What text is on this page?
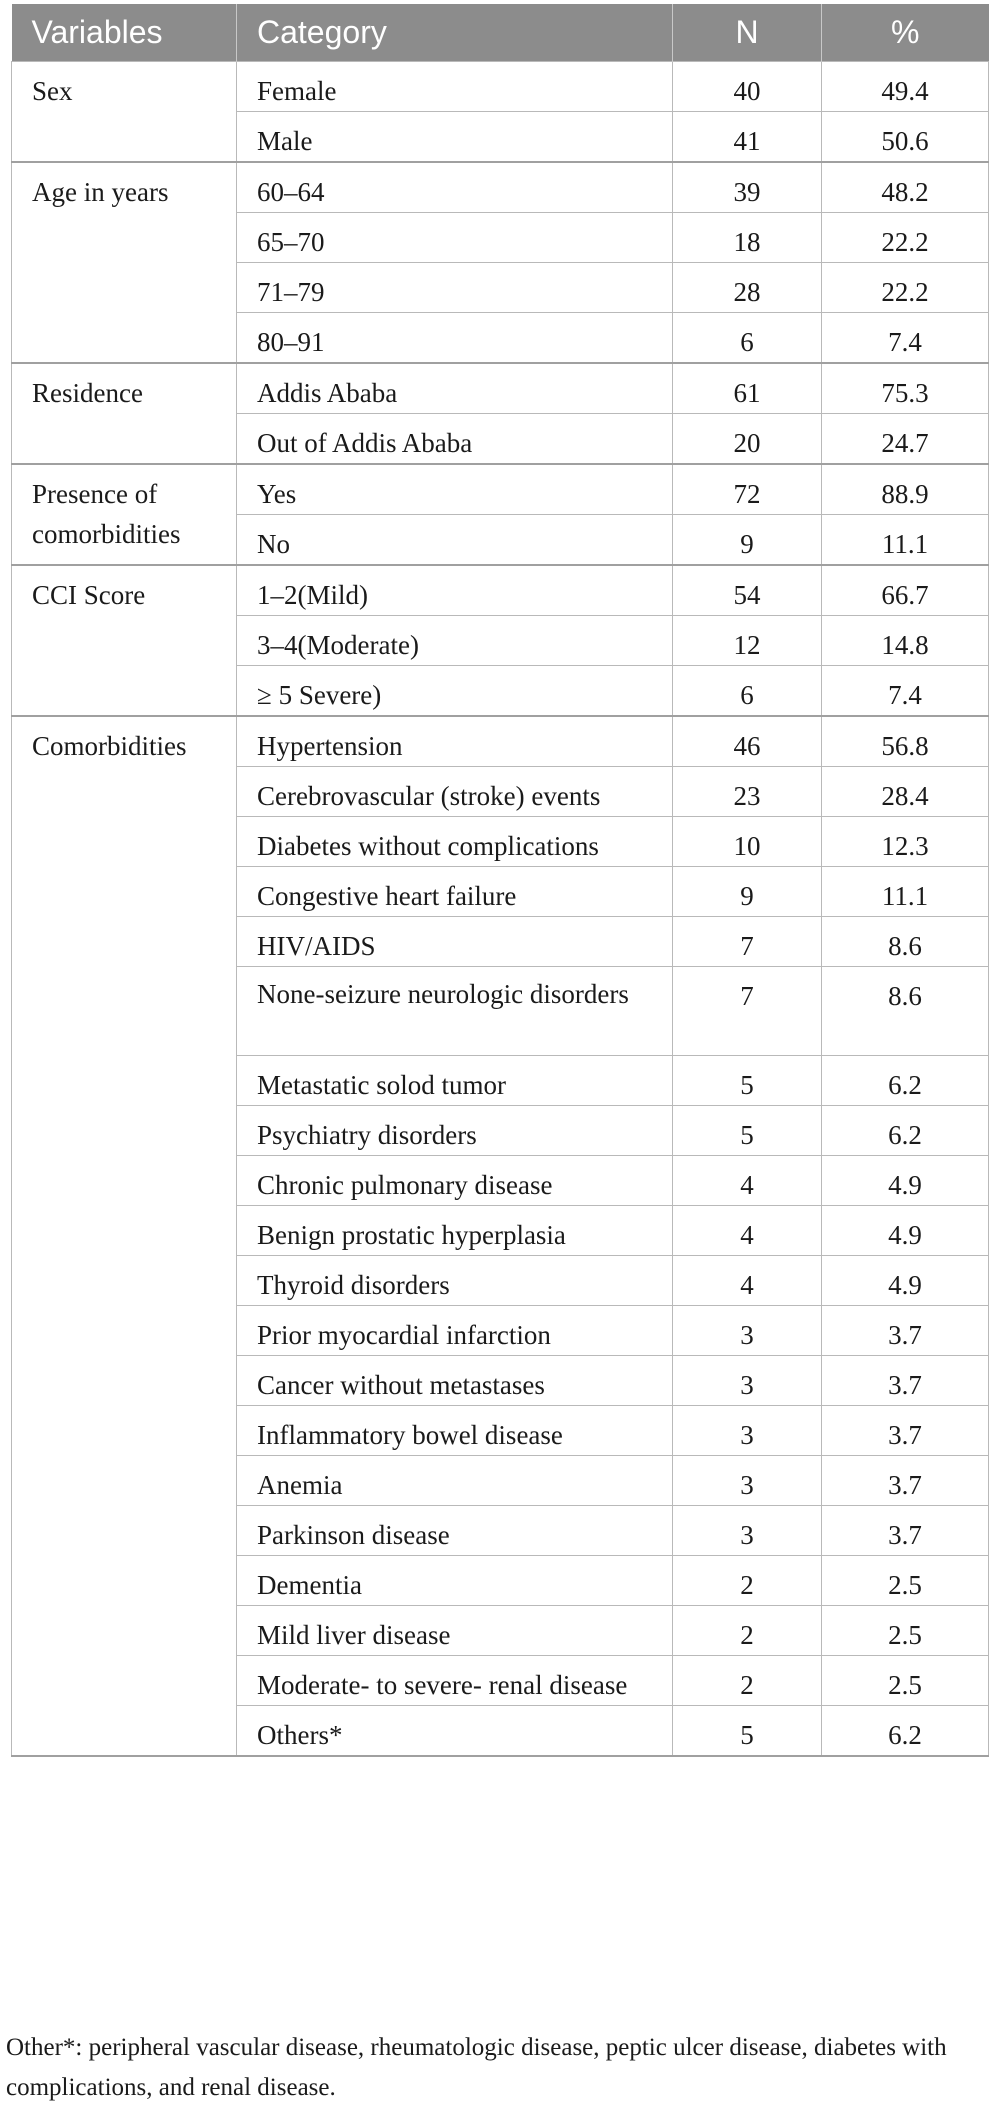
Variables	Category	N	%
Sex	Female	40	49.4
	Male	41	50.6
Age in years	60–64	39	48.2
	65–70	18	22.2
	71–79	28	22.2
	80–91	6	7.4
Residence	Addis Ababa	61	75.3
	Out of Addis Ababa	20	24.7
Presence of comorbidities	Yes	72	88.9
	No	9	11.1
CCI Score	1–2(Mild)	54	66.7
	3–4(Moderate)	12	14.8
	≥ 5 Severe)	6	7.4
Comorbidities	Hypertension	46	56.8
	Cerebrovascular (stroke) events	23	28.4
	Diabetes without complications	10	12.3
	Congestive heart failure	9	11.1
	HIV/AIDS	7	8.6
	None-seizure neurologic disorders	7	8.6
	Metastatic solod tumor	5	6.2
	Psychiatry disorders	5	6.2
	Chronic pulmonary disease	4	4.9
	Benign prostatic hyperplasia	4	4.9
	Thyroid disorders	4	4.9
	Prior myocardial infarction	3	3.7
	Cancer without metastases	3	3.7
	Inflammatory bowel disease	3	3.7
	Anemia	3	3.7
	Parkinson disease	3	3.7
	Dementia	2	2.5
	Mild liver disease	2	2.5
	Moderate- to severe- renal disease	2	2.5
	Others*	5	6.2
Other*: peripheral vascular disease, rheumatologic disease, peptic ulcer disease, diabetes with complications, and renal disease.
